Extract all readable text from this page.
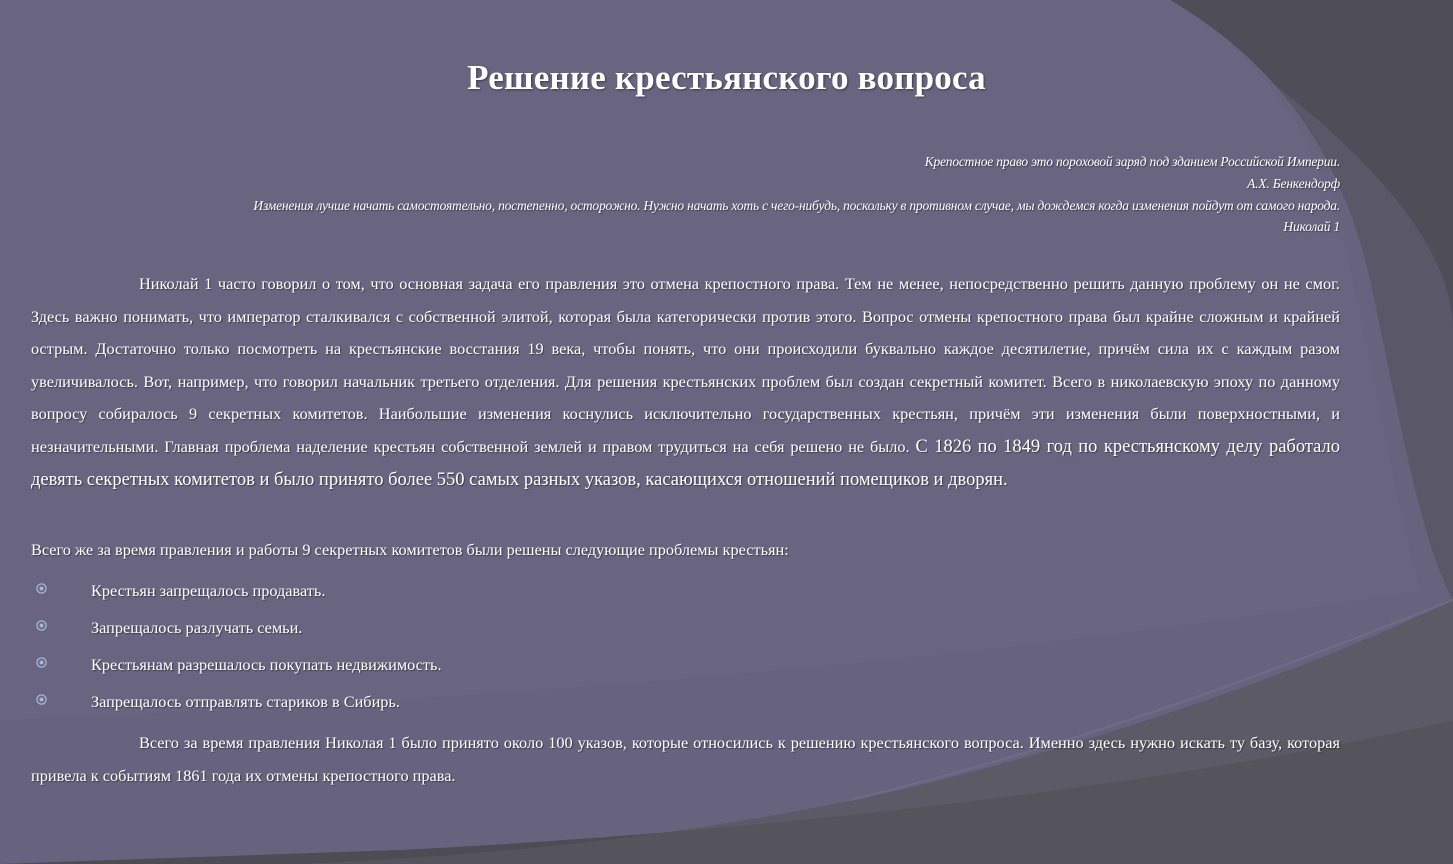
Решение крестьянского вопроса
Крепостное право это пороховой заряд под зданием Российской Империи.
А.Х. Бенкендорф
Изменения лучше начать самостоятельно, постепенно, осторожно. Нужно начать хоть с чего-нибудь, поскольку в противном случае, мы дождемся когда изменения пойдут от самого народа.
Николай 1
Николай 1 часто говорил о том, что основная задача его правления это отмена крепостного права. Тем не менее, непосредственно решить данную проблему он не смог. Здесь важно понимать, что император сталкивался с собственной элитой, которая была категорически против этого. Вопрос отмены крепостного права был крайне сложным и крайней острым. Достаточно только посмотреть на крестьянские восстания 19 века, чтобы понять, что они происходили буквально каждое десятилетие, причём сила их с каждым разом увеличивалось. Вот, например, что говорил начальник третьего отделения. Для решения крестьянских проблем был создан секретный комитет. Всего в николаевскую эпоху по данному вопросу собиралось 9 секретных комитетов. Наибольшие изменения коснулись исключительно государственных крестьян, причём эти изменения были поверхностными, и незначительными. Главная проблема наделение крестьян собственной землей и правом трудиться на себя решено не было. С 1826 по 1849 год по крестьянскому делу работало девять секретных комитетов и было принято более 550 самых разных указов, касающихся отношений помещиков и дворян.
Всего же за время правления и работы 9 секретных комитетов были решены следующие проблемы крестьян:
Крестьян запрещалось продавать.
Запрещалось разлучать семьи.
Крестьянам разрешалось покупать недвижимость.
Запрещалось отправлять стариков в Сибирь.
Всего за время правления Николая 1 было принято около 100 указов, которые относились к решению крестьянского вопроса. Именно здесь нужно искать ту базу, которая привела к событиям 1861 года их отмены крепостного права.
